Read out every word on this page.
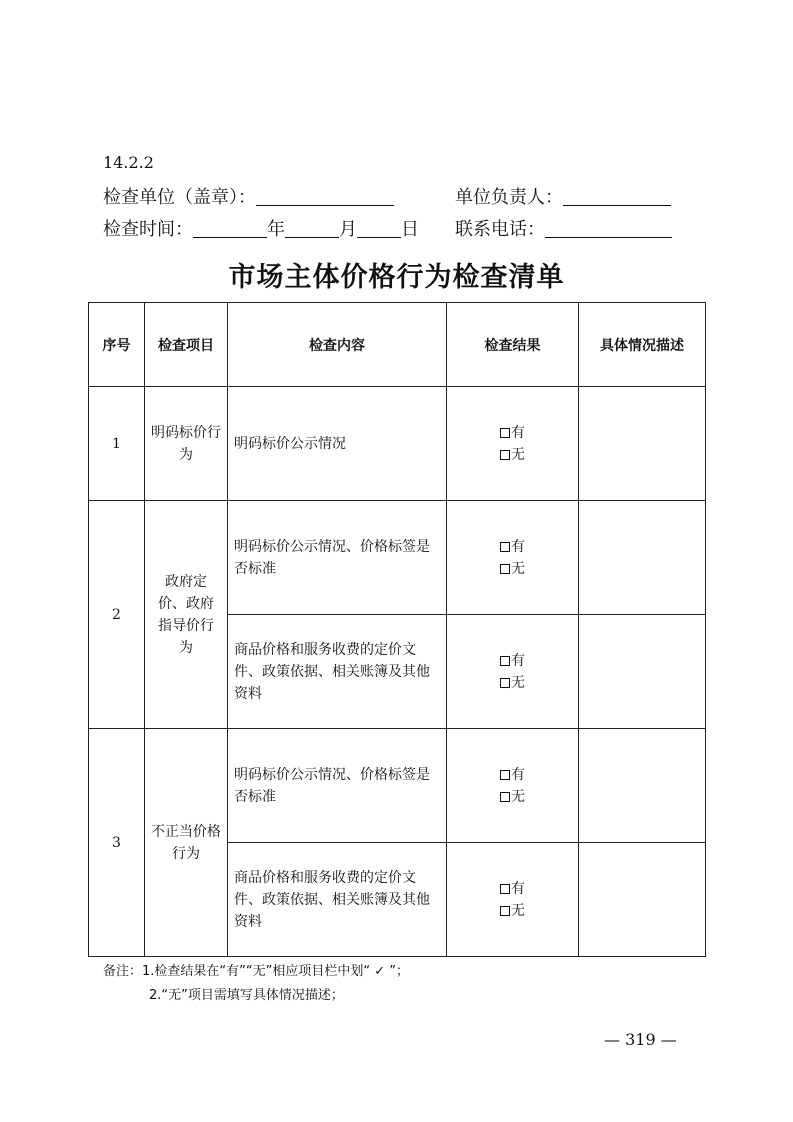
14.2.2
检查单位（盖章）：	单位负责人：
检查时间：	年	月 日 联系电话：
市场主体价格行为检查清单
序号	检查项目	检查内容	检查结果	具体情况描述
1	明码标价行为	明码标价公示情况	有
无	

2	政府定价、政府指导价行为	明码标价公示情况、价格标签是否标准	有
无	

		商品价格和服务收费的定价文件、政策依据、相关账簿及其他资料	有
无	

3	不正当价格行为	明码标价公示情况、价格标签是否标准	有
无	

		商品价格和服务收费的定价文件、政策依据、相关账簿及其他资料	有
无	

备注：1.检查结果在“有”“无”相应项目栏中划“ ✓ ”；
2.“无”项目需填写具体情况描述；
— 319 —
